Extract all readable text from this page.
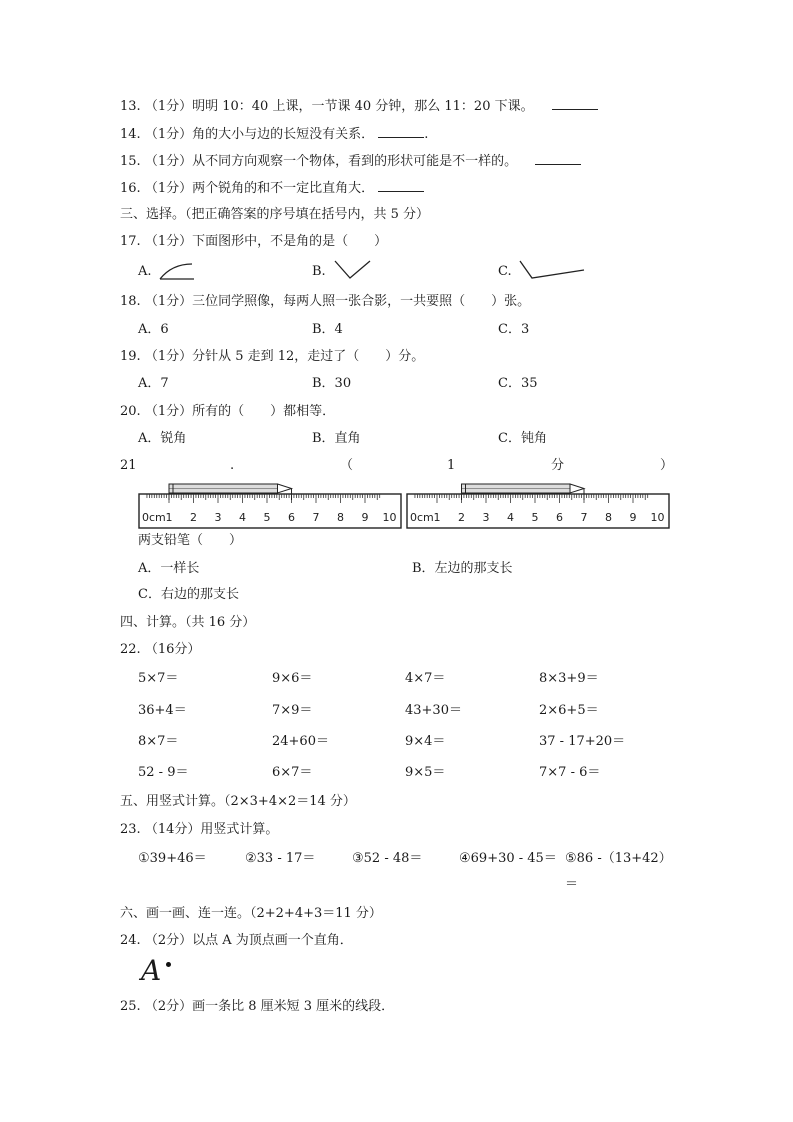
13. （1分）明明 10：40 上课，一节课 40 分钟，那么 11：20 下课。
14. （1分）角的大小与边的长短没有关系．	.
15. （1分）从不同方向观察一个物体，看到的形状可能是不一样的。
16. （1分）两个锐角的和不一定比直角大．
三、选择。（把正确答案的序号填在括号内，共 5 分）
17. （1分）下面图形中，不是角的是（　　）
A.	B.	C.
18. （1分）三位同学照像，每两人照一张合影，一共要照（　　）张。
A．6	B．4	C．3
19. （1分）分针从 5 走到 12，走过了（　　）分。
A．7	B．30	C．35
20. （1分）所有的（　　）都相等．
A．锐角	B．直角	C．钝角
21	.	（	1	分	）
0cm 1 2 3 4 5 6 7 8 9 10 0cm 1 2 3 4 5 6 7 8 9 10
两支铅笔（　　）
A．一样长	B．左边的那支长
C．右边的那支长
四、计算。（共 16 分）
22. （16分）
5×7＝	9×6＝	4×7＝	8×3+9＝
36+4＝	7×9＝	43+30＝	2×6+5＝
8×7＝	24+60＝	9×4＝	37 - 17+20＝
52 - 9＝	6×7＝	9×5＝	7×7 - 6＝
五、用竖式计算。（2×3+4×2＝14 分）
23. （14分）用竖式计算。
①39+46＝	②33 - 17＝	③52 - 48＝	④69+30 - 45＝ ⑤86 -（13+42）
＝
六、画一画、连一连。（2+2+4+3＝11 分）
24. （2分）以点 A 为顶点画一个直角．
A
25. （2分）画一条比 8 厘米短 3 厘米的线段．
